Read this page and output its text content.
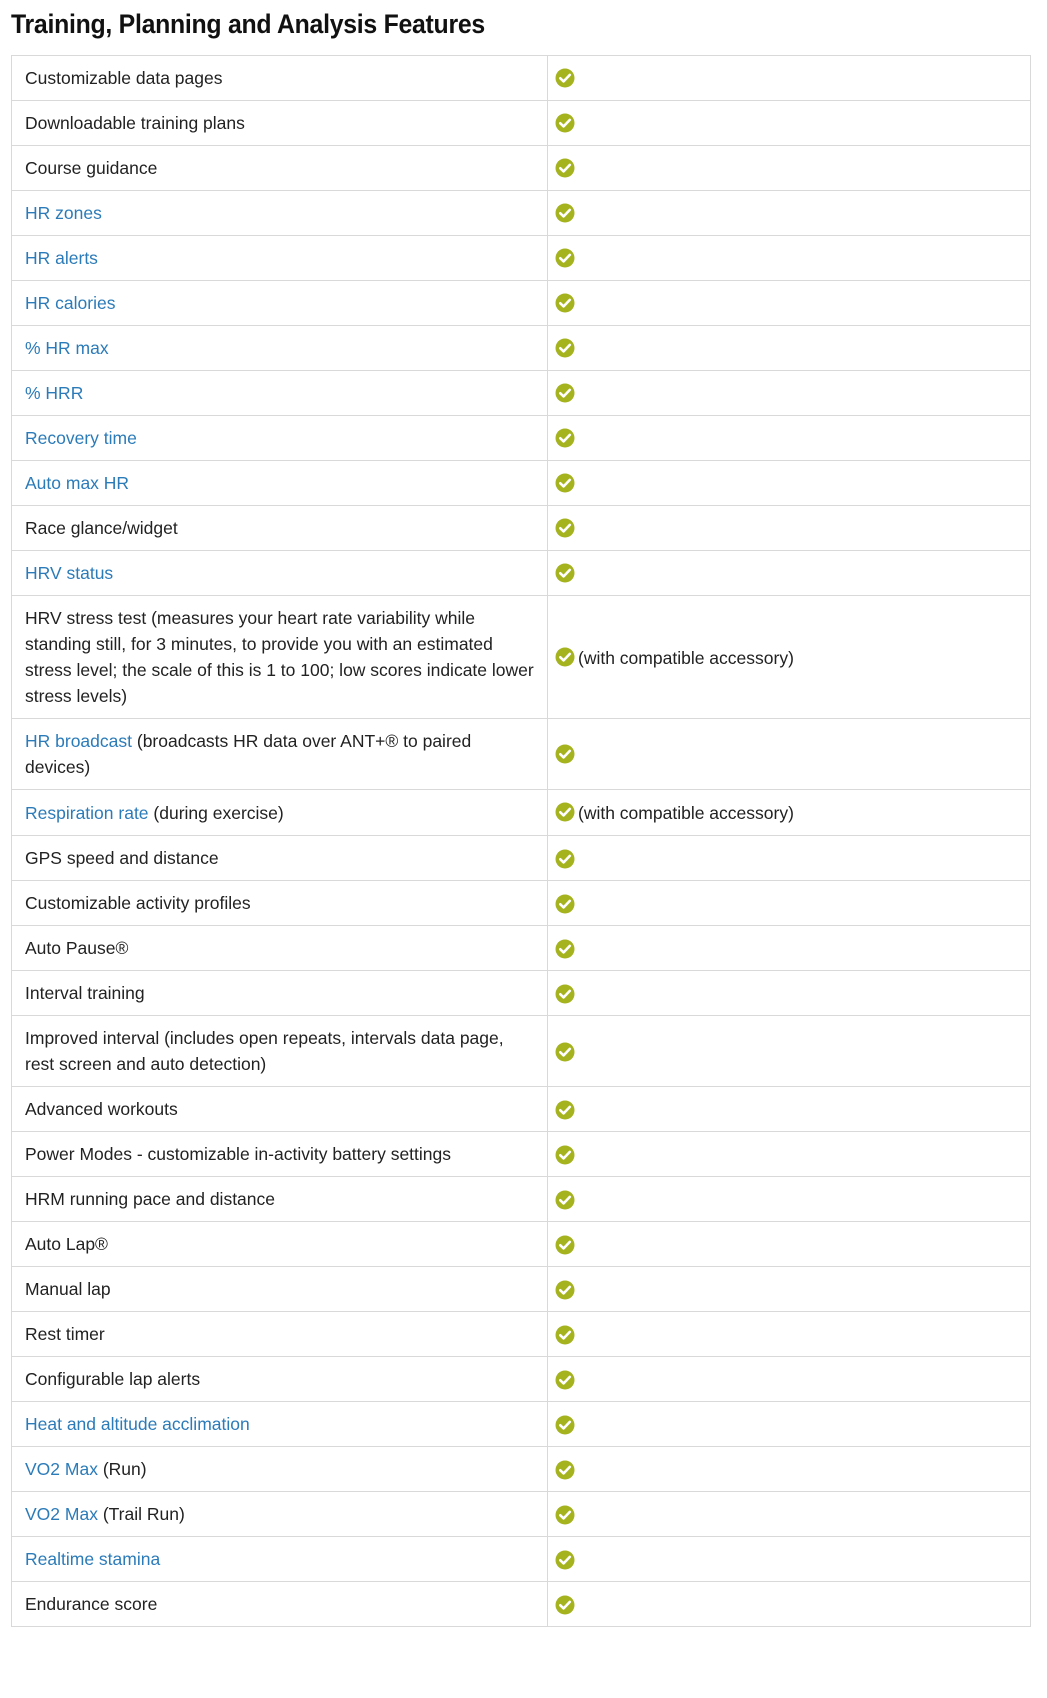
Training, Planning and Analysis Features
Customizable data pages	
Downloadable training plans	
Course guidance	
HR zones	
HR alerts	
HR calories	
% HR max	
% HRR	
Recovery time	
Auto max HR	
Race glance/widget	
HRV status	
HRV stress test (measures your heart rate variability while standing still, for 3 minutes, to provide you with an estimated stress level; the scale of this is 1 to 100; low scores indicate lower stress levels)	(with compatible accessory)
HR broadcast (broadcasts HR data over ANT+® to paired devices)	
Respiration rate (during exercise)	(with compatible accessory)
GPS speed and distance	
Customizable activity profiles	
Auto Pause®	
Interval training	
Improved interval (includes open repeats, intervals data page, rest screen and auto detection)	
Advanced workouts	
Power Modes - customizable in-activity battery settings	
HRM running pace and distance	
Auto Lap®	
Manual lap	
Rest timer	
Configurable lap alerts	
Heat and altitude acclimation	
VO2 Max (Run)	
VO2 Max (Trail Run)	
Realtime stamina	
Endurance score	
